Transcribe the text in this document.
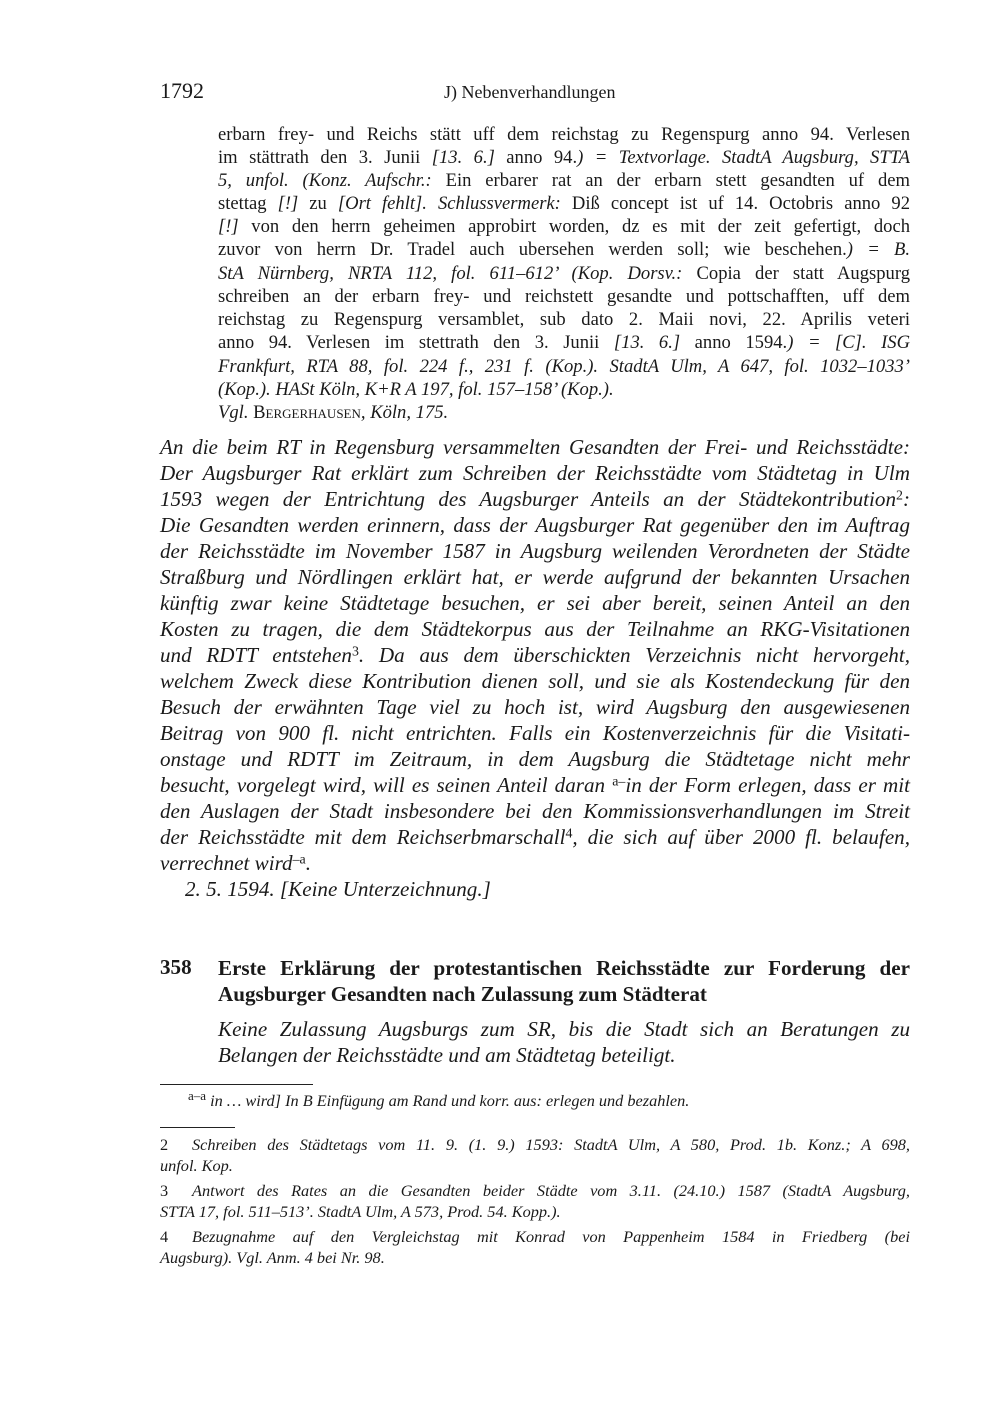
1792	J) Nebenverhandlungen
erbarn frey- und Reichs stätt uff dem reichstag zu Regenspurg anno 94. Verlesen
im stättrath den 3. Junii [13. 6.] anno 94.) = Textvorlage. StadtA Augsburg, STTA
5, unfol. (Konz. Aufschr.: Ein erbarer rat an der erbarn stett gesandten uf dem
stettag [!] zu [Ort fehlt]. Schlussvermerk: Diß concept ist uf 14. Octobris anno 92
[!] von den herrn geheimen approbirt worden, dz es mit der zeit gefertigt, doch
zuvor von herrn Dr. Tradel auch ubersehen werden soll; wie beschehen.) = B.
StA Nürnberg, NRTA 112, fol. 611–612’ (Kop. Dorsv.: Copia der statt Augspurg
schreiben an der erbarn frey- und reichstett gesandte und pottschafften, uff dem
reichstag zu Regenspurg versamblet, sub dato 2. Maii novi, 22. Aprilis veteri
anno 94. Verlesen im stettrath den 3. Junii [13. 6.] anno 1594.) = [C]. ISG
Frankfurt, RTA 88, fol. 224 f., 231 f. (Kop.). StadtA Ulm, A 647, fol. 1032–1033’
(Kop.). HASt Köln, K+R A 197, fol. 157–158’ (Kop.).
Vgl. Bergerhausen, Köln, 175.
An die beim RT in Regensburg versammelten Gesandten der Frei- und Reichsstädte:
Der Augsburger Rat erklärt zum Schreiben der Reichsstädte vom Städtetag in Ulm
1593 wegen der Entrichtung des Augsburger Anteils an der Städtekontribution$^2$:
Die Gesandten werden erinnern, dass der Augsburger Rat gegenüber den im Auftrag
der Reichsstädte im November 1587 in Augsburg weilenden Verordneten der Städte
Straßburg und Nördlingen erklärt hat, er werde aufgrund der bekannten Ursachen
künftig zwar keine Städtetage besuchen, er sei aber bereit, seinen Anteil an den
Kosten zu tragen, die dem Städtekorpus aus der Teilnahme an RKG-Visitationen
und RDTT entstehen$^3$. Da aus dem überschickten Verzeichnis nicht hervorgeht,
welchem Zweck diese Kontribution dienen soll, und sie als Kostendeckung für den
Besuch der erwähnten Tage viel zu hoch ist, wird Augsburg den ausgewiesenen
Beitrag von 900 fl. nicht entrichten. Falls ein Kostenverzeichnis für die Visitati-
onstage und RDTT im Zeitraum, in dem Augsburg die Städtetage nicht mehr
besucht, vorgelegt wird, will es seinen Anteil daran $^{a-}$in der Form erlegen, dass er mit
den Auslagen der Stadt insbesondere bei den Kommissionsverhandlungen im Streit
der Reichsstädte mit dem Reichserbmarschall$^4$, die sich auf über 2000 fl. belaufen,
verrechnet wird$^{-a}$.
2. 5. 1594. [Keine Unterzeichnung.]
358 Erste Erklärung der protestantischen Reichsstädte zur Forderung der
Augsburger Gesandten nach Zulassung zum Städterat
Keine Zulassung Augsburgs zum SR, bis die Stadt sich an Beratungen zu
Belangen der Reichsstädte und am Städtetag beteiligt.
$^{a-a}$ in … wird] In B Einfügung am Rand und korr. aus: erlegen und bezahlen.
2 Schreiben des Städtetags vom 11. 9. (1. 9.) 1593: StadtA Ulm, A 580, Prod. 1b. Konz.; A 698,
unfol. Kop.
3 Antwort des Rates an die Gesandten beider Städte vom 3.11. (24.10.) 1587 (StadtA Augsburg,
STTA 17, fol. 511–513’. StadtA Ulm, A 573, Prod. 54. Kopp.).
4 Bezugnahme auf den Vergleichstag mit Konrad von Pappenheim 1584 in Friedberg (bei
Augsburg). Vgl. Anm. 4 bei Nr. 98.
